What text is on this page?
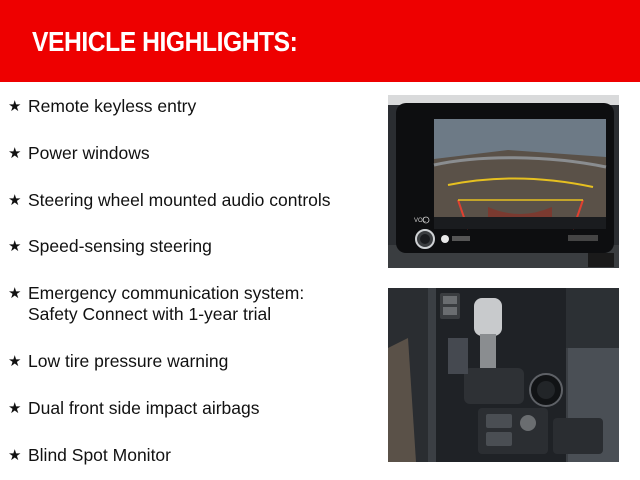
VEHICLE HIGHLIGHTS:
★ Remote keyless entry
★ Power windows
★ Steering wheel mounted audio controls
★ Speed-sensing steering
★ Emergency communication system:
Safety Connect with 1-year trial
★ Low tire pressure warning
★ Dual front side impact airbags
★ Blind Spot Monitor
VOL
